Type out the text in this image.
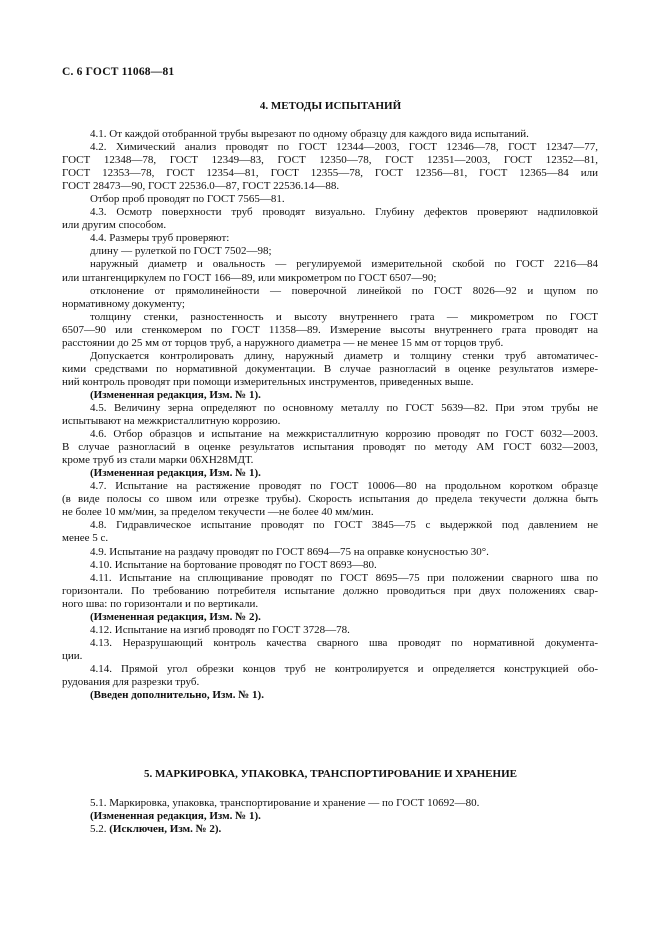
С. 6 ГОСТ 11068—81
4. МЕТОДЫ ИСПЫТАНИЙ
4.1. От каждой отобранной трубы вырезают по одному образцу для каждого вида испытаний.
4.2. Химический анализ проводят по ГОСТ 12344—2003, ГОСТ 12346—78, ГОСТ 12347—77,
ГОСТ 12348—78, ГОСТ 12349—83, ГОСТ 12350—78, ГОСТ 12351—2003, ГОСТ 12352—81,
ГОСТ 12353—78, ГОСТ 12354—81, ГОСТ 12355—78, ГОСТ 12356—81, ГОСТ 12365—84 или
ГОСТ 28473—90, ГОСТ 22536.0—87, ГОСТ 22536.14—88.
Отбор проб проводят по ГОСТ 7565—81.
4.3. Осмотр поверхности труб проводят визуально. Глубину дефектов проверяют надпиловкой
или другим способом.
4.4. Размеры труб проверяют:
длину — рулеткой по ГОСТ 7502—98;
наружный диаметр и овальность — регулируемой измерительной скобой по ГОСТ 2216—84
или штангенциркулем по ГОСТ 166—89, или микрометром по ГОСТ 6507—90;
отклонение от прямолинейности — поверочной линейкой по ГОСТ 8026—92 и щупом по
нормативному документу;
толщину стенки, разностенность и высоту внутреннего грата — микрометром по ГОСТ
6507—90 или стенкомером по ГОСТ 11358—89. Измерение высоты внутреннего грата проводят на
расстоянии до 25 мм от торцов труб, а наружного диаметра — не менее 15 мм от торцов труб.
Допускается контролировать длину, наружный диаметр и толщину стенки труб автоматичес-
кими средствами по нормативной документации. В случае разногласий в оценке результатов измере-
ний контроль проводят при помощи измерительных инструментов, приведенных выше.
(Измененная редакция, Изм. № 1).
4.5. Величину зерна определяют по основному металлу по ГОСТ 5639—82. При этом трубы не
испытывают на межкристаллитную коррозию.
4.6. Отбор образцов и испытание на межкристаллитную коррозию проводят по ГОСТ 6032—2003.
В случае разногласий в оценке результатов испытания проводят по методу АМ ГОСТ 6032—2003,
кроме труб из стали марки 06ХН28МДТ.
(Измененная редакция, Изм. № 1).
4.7. Испытание на растяжение проводят по ГОСТ 10006—80 на продольном коротком образце
(в виде полосы со швом или отрезке трубы). Скорость испытания до предела текучести должна быть
не более 10 мм/мин, за пределом текучести —не более 40 мм/мин.
4.8. Гидравлическое испытание проводят по ГОСТ 3845—75 с выдержкой под давлением не
менее 5 с.
4.9. Испытание на раздачу проводят по ГОСТ 8694—75 на оправке конусностью 30°.
4.10. Испытание на бортование проводят по ГОСТ 8693—80.
4.11. Испытание на сплющивание проводят по ГОСТ 8695—75 при положении сварного шва по
горизонтали. По требованию потребителя испытание должно проводиться при двух положениях свар-
ного шва: по горизонтали и по вертикали.
(Измененная редакция, Изм. № 2).
4.12. Испытание на изгиб проводят по ГОСТ 3728—78.
4.13. Неразрушающий контроль качества сварного шва проводят по нормативной документа-
ции.
4.14. Прямой угол обрезки концов труб не контролируется и определяется конструкцией обо-
рудования для разрезки труб.
(Введен дополнительно, Изм. № 1).
5. МАРКИРОВКА, УПАКОВКА, ТРАНСПОРТИРОВАНИЕ И ХРАНЕНИЕ
5.1. Маркировка, упаковка, транспортирование и хранение — по ГОСТ 10692—80.
(Измененная редакция, Изм. № 1).
5.2. (Исключен, Изм. № 2).
